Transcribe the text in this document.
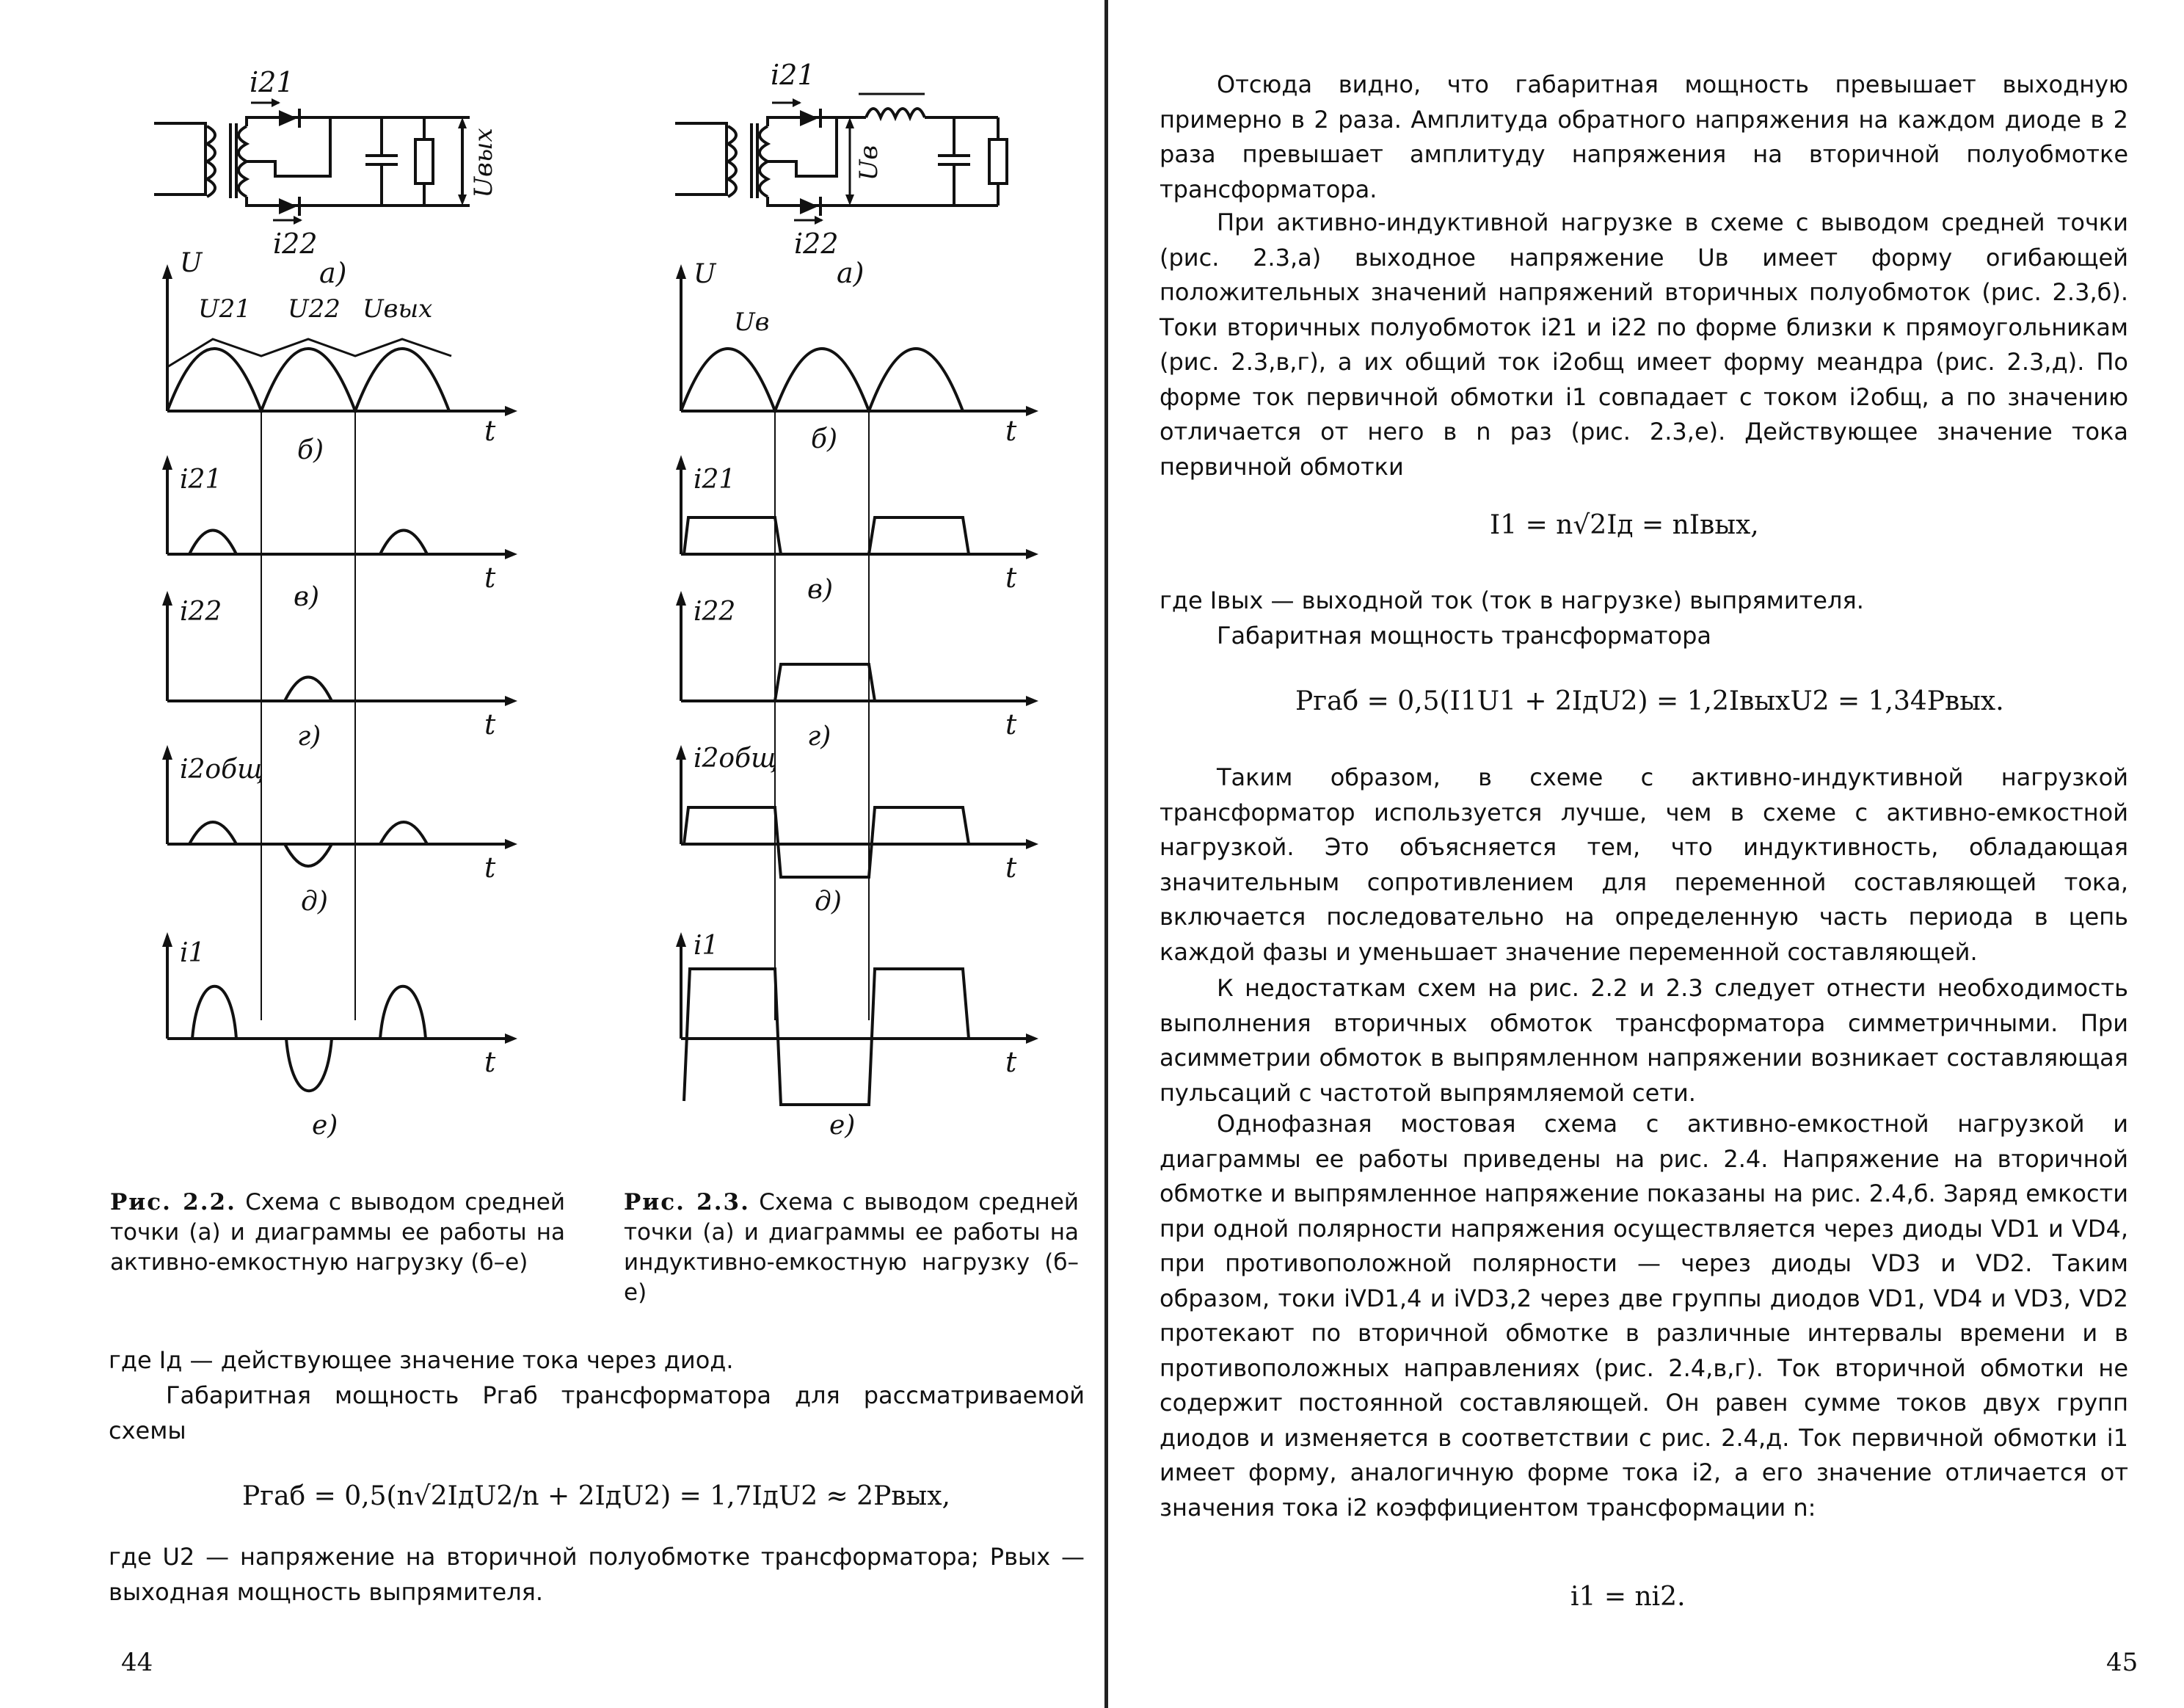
i21
i22
Uвых
а)
U
U21 U22 Uвых
t
б)
i21
t
в)
i22
t
г)
i2общ
t
д)
i1
t
е)
i21
i22
Uв
а)
U
Uв
t
б)
i21
t
в)
i22
t
г)
i2общ
t
д)
i1
t
е)
Рис. 2.2. Схема с выводом средней точки (а) и диаграммы ее работы на активно-емкостную нагрузку (б–е)
Рис. 2.3. Схема с выводом средней точки (а) и диаграммы ее работы на индуктивно-емкостную нагрузку (б–е)

где Iд — действующее значение тока через диод.

Габаритная мощность Pгаб трансформатора для рассматриваемой схемы

Pгаб = 0,5(n√2IдU2/n + 2IдU2) = 1,7IдU2 ≈ 2Pвых,

где U2 — напряжение на вторичной полуобмотке трансформатора; Pвых — выходная мощность выпрямителя.

44

Отсюда видно, что габаритная мощность превышает выходную примерно в 2 раза. Амплитуда обратного напряжения на каждом диоде в 2 раза превышает амплитуду напряжения на вторичной полуобмотке трансформатора.

При активно-индуктивной нагрузке в схеме с выводом средней точки (рис. 2.3,а) выходное напряжение Uв имеет форму огибающей положительных значений напряжений вторичных полуобмоток (рис. 2.3,б). Токи вторичных полуобмоток i21 и i22 по форме близки к прямоугольникам (рис. 2.3,в,г), а их общий ток i2общ имеет форму меандра (рис. 2.3,д). По форме ток первичной обмотки i1 совпадает с током i2общ, а по значению отличается от него в n раз (рис. 2.3,е). Действующее значение тока первичной обмотки

I1 = n√2Iд = nIвых,

где Iвых — выходной ток (ток в нагрузке) выпрямителя.

Габаритная мощность трансформатора

Pгаб = 0,5(I1U1 + 2IдU2) = 1,2IвыхU2 = 1,34Pвых.

Таким образом, в схеме с активно-индуктивной нагрузкой трансформатор используется лучше, чем в схеме с активно-емкостной нагрузкой. Это объясняется тем, что индуктивность, обладающая значительным сопротивлением для переменной составляющей тока, включается последовательно на определенную часть периода в цепь каждой фазы и уменьшает значение переменной составляющей.

К недостаткам схем на рис. 2.2 и 2.3 следует отнести необходимость выполнения вторичных обмоток трансформатора симметричными. При асимметрии обмоток в выпрямленном напряжении возникает составляющая пульсаций с частотой выпрямляемой сети.

Однофазная мостовая схема с активно-емкостной нагрузкой и диаграммы ее работы приведены на рис. 2.4. Напряжение на вторичной обмотке и выпрямленное напряжение показаны на рис. 2.4,б. Заряд емкости при одной полярности напряжения осуществляется через диоды VD1 и VD4, при противоположной полярности — через диоды VD3 и VD2. Таким образом, токи iVD1,4 и iVD3,2 через две группы диодов VD1, VD4 и VD3, VD2 протекают по вторичной обмотке в различные интервалы времени и в противоположных направлениях (рис. 2.4,в,г). Ток вторичной обмотки не содержит постоянной составляющей. Он равен сумме токов двух групп диодов и изменяется в соответствии с рис. 2.4,д. Ток первичной обмотки i1 имеет форму, аналогичную форме тока i2, а его значение отличается от значения тока i2 коэффициентом трансформации n:

i1 = ni2.
45
